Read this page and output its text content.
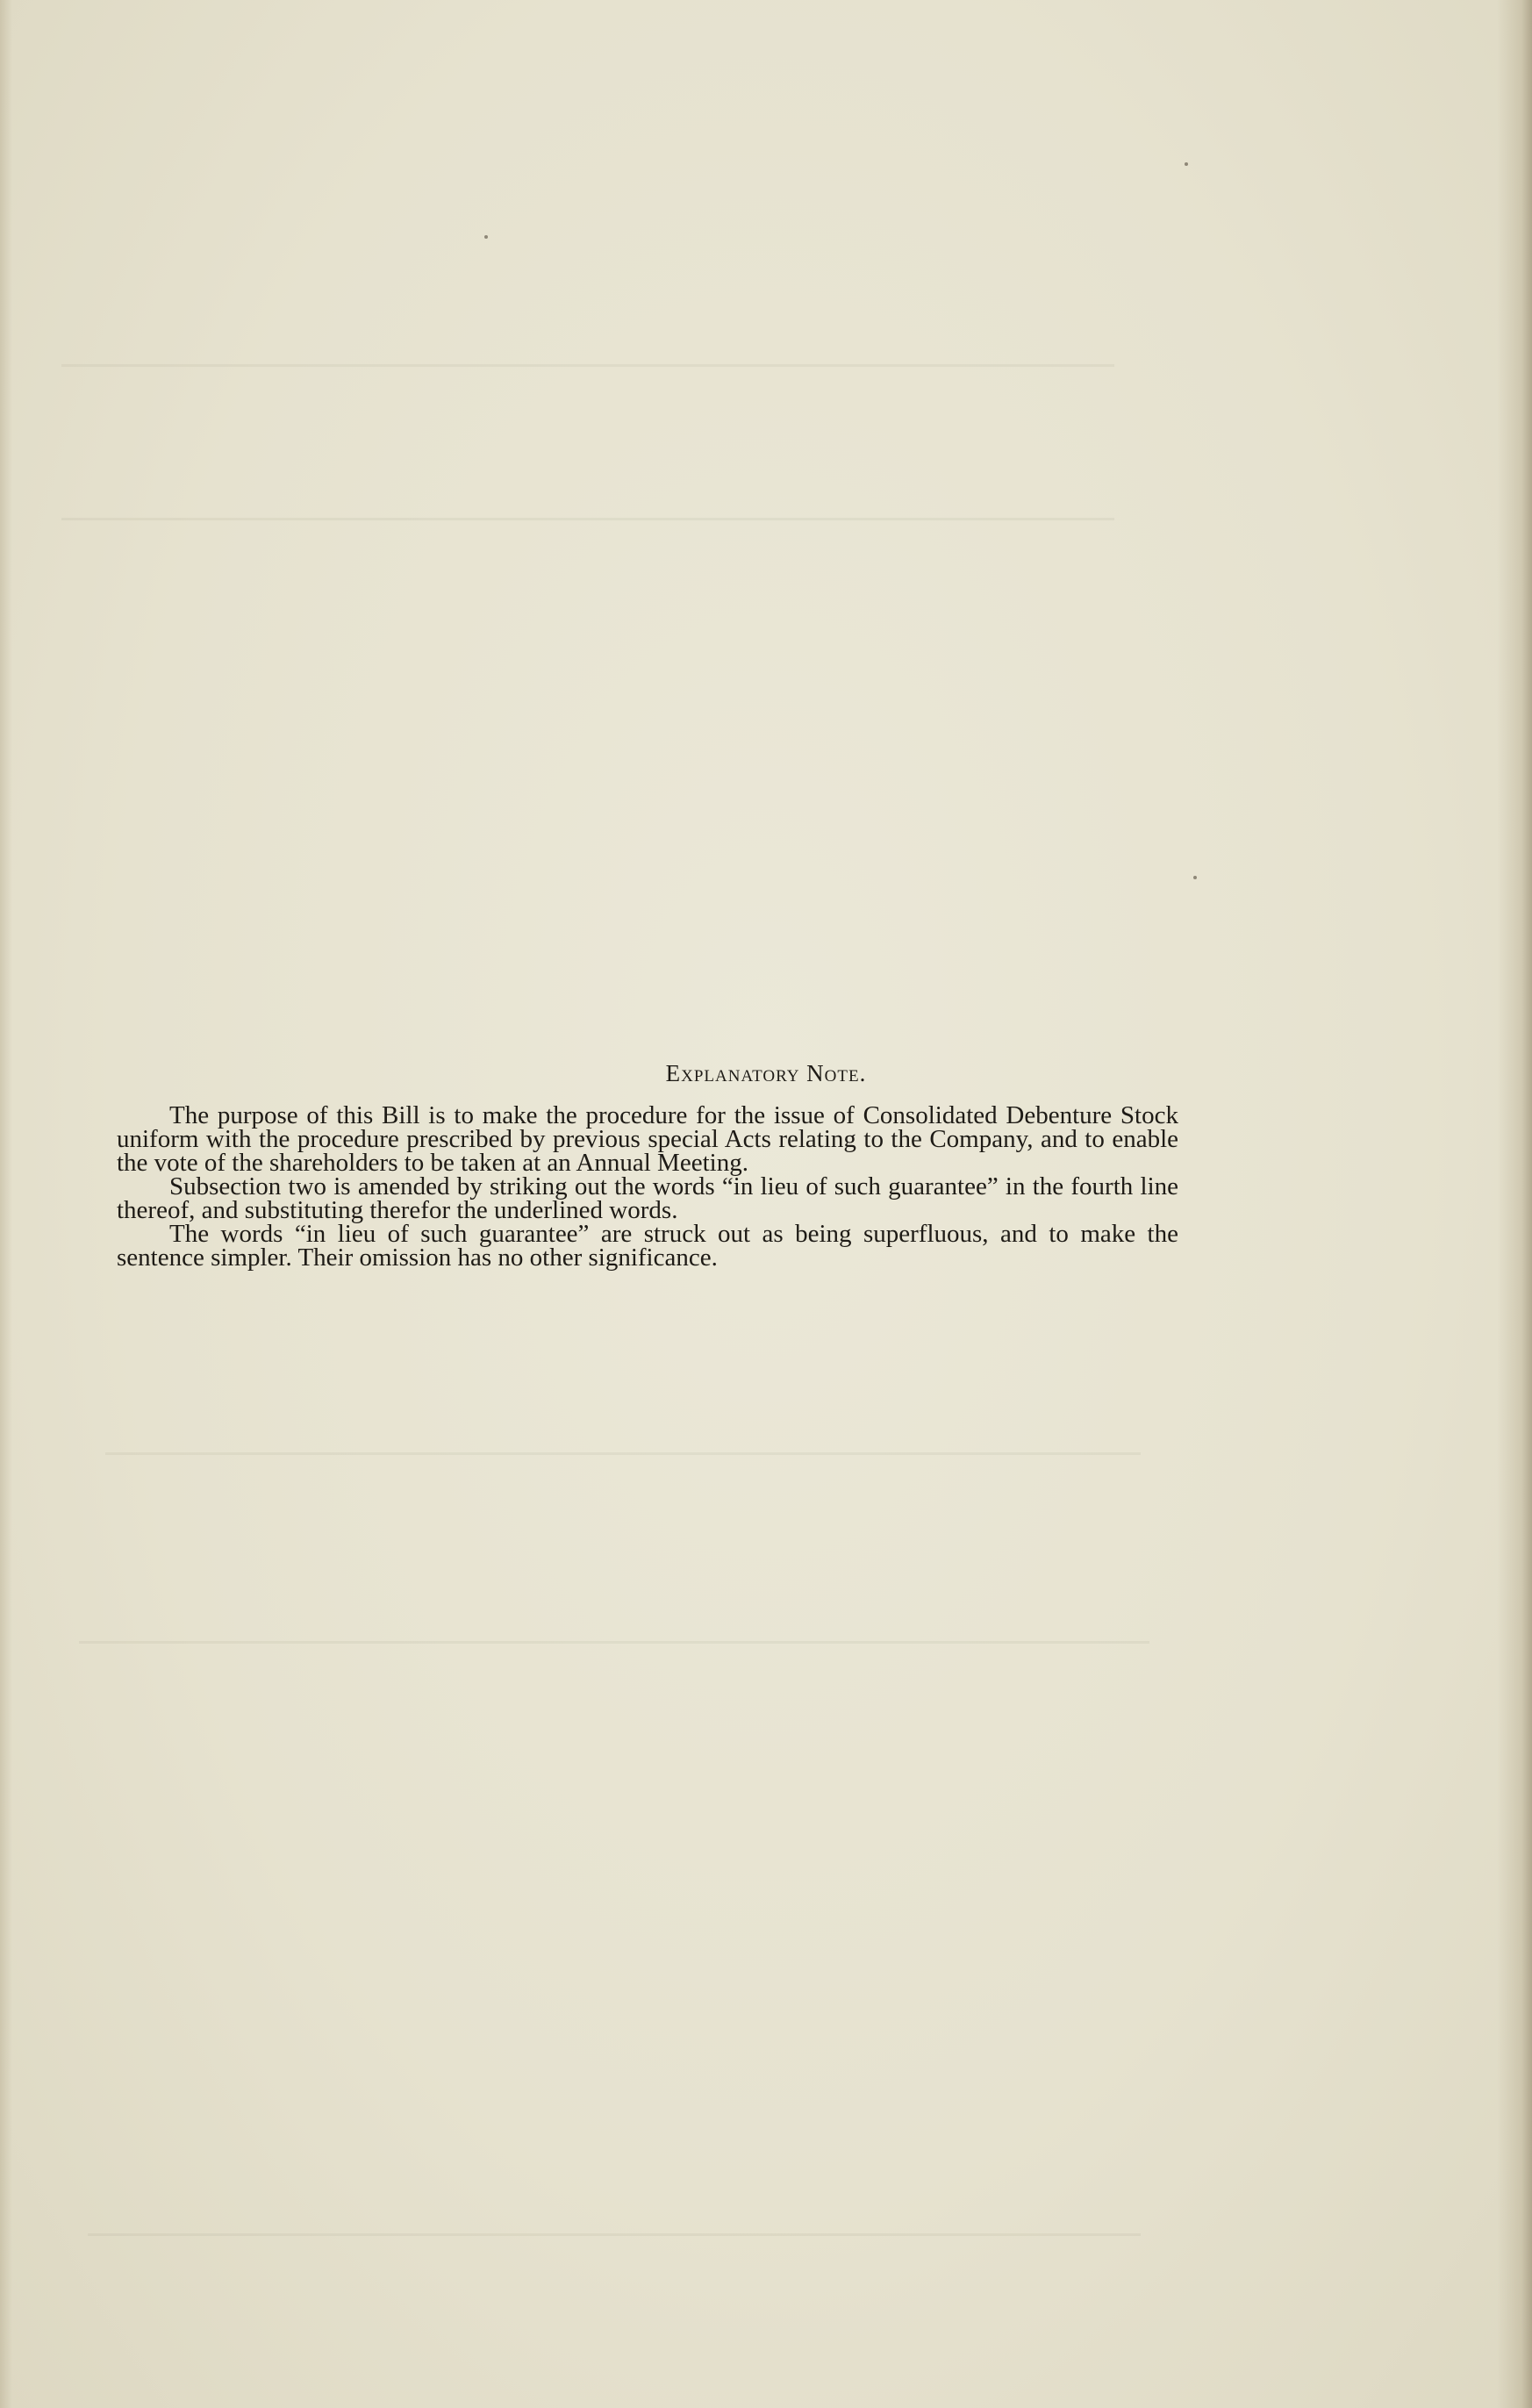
Explanatory Note.

The purpose of this Bill is to make the procedure for the issue of Consolidated Debenture Stock uniform with the procedure prescribed by previous special Acts relating to the Company, and to enable the vote of the shareholders to be taken at an Annual Meeting.

Subsection two is amended by striking out the words “in lieu of such guarantee” in the fourth line thereof, and substituting therefor the underlined words.

The words “in lieu of such guarantee” are struck out as being superfluous, and to make the sentence simpler. Their omission has no other significance.
